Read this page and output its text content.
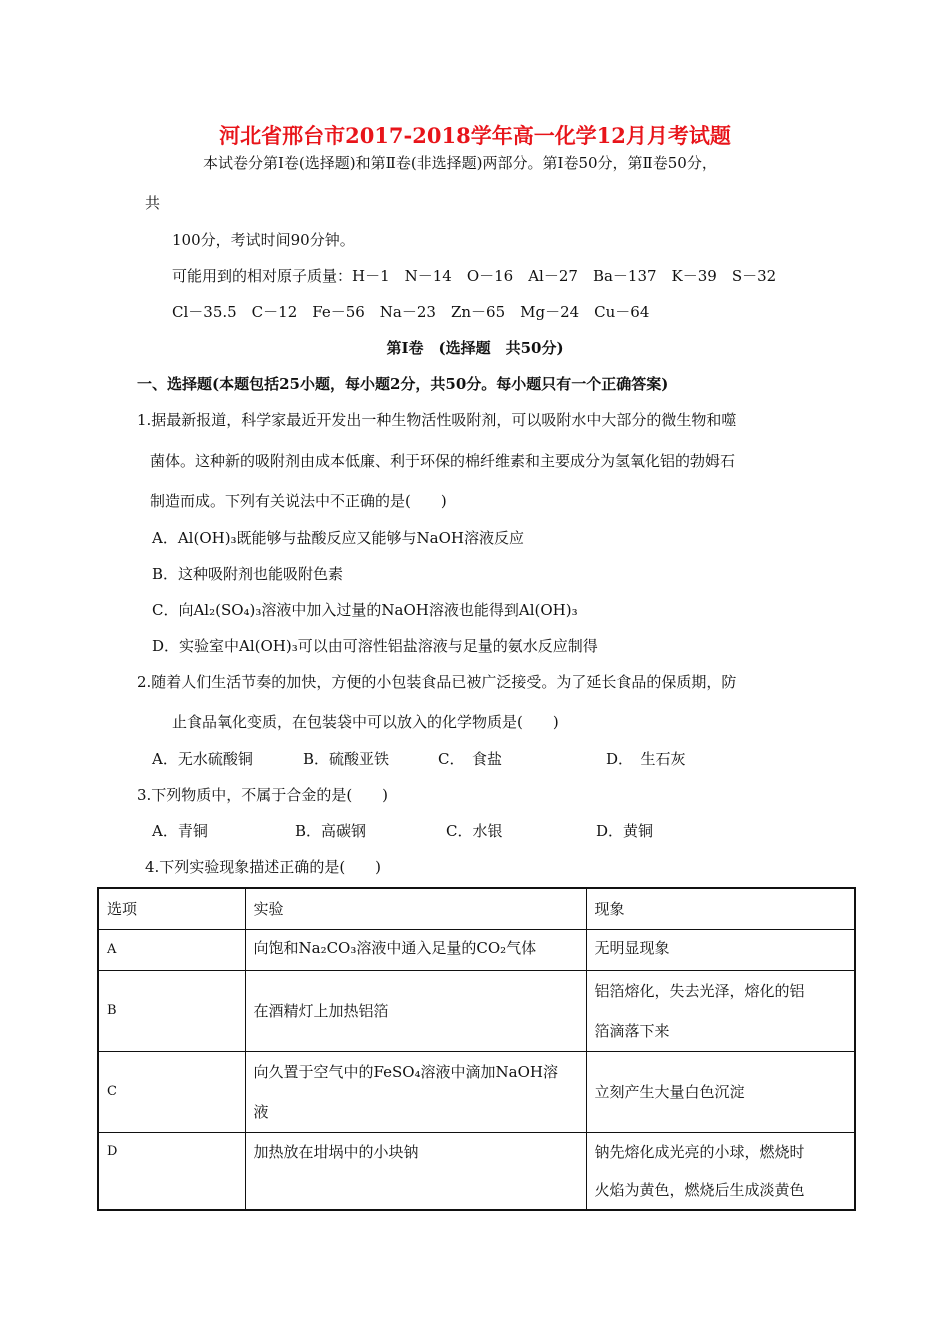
河北省邢台市2017-2018学年高一化学12月月考试题
本试卷分第Ⅰ卷(选择题)和第Ⅱ卷(非选择题)两部分。第Ⅰ卷50分，第Ⅱ卷50分，
共
100分，考试时间90分钟。
可能用到的相对原子质量：H－1　N－14　O－16　Al－27　Ba－137　K－39　S－32
Cl－35.5　C－12　Fe－56　Na－23　Zn－65　Mg－24　Cu－64
第Ⅰ卷　(选择题　共50分)
一、选择题(本题包括25小题，每小题2分，共50分。每小题只有一个正确答案)
1.据最新报道，科学家最近开发出一种生物活性吸附剂，可以吸附水中大部分的微生物和噬
菌体。这种新的吸附剂由成本低廉、利于环保的棉纤维素和主要成分为氢氧化铝的勃姆石
制造而成。下列有关说法中不正确的是(　　)
A．Al(OH)₃既能够与盐酸反应又能够与NaOH溶液反应
B．这种吸附剂也能吸附色素
C．向Al₂(SO₄)₃溶液中加入过量的NaOH溶液也能得到Al(OH)₃
D．实验室中Al(OH)₃可以由可溶性铝盐溶液与足量的氨水反应制得
2.随着人们生活节奏的加快，方便的小包装食品已被广泛接受。为了延长食品的保质期，防
止食品氧化变质，在包装袋中可以放入的化学物质是(　　)
A．无水硫酸铜	B．硫酸亚铁	C．　食盐	D．　生石灰
3.下列物质中，不属于合金的是(　　)
A．青铜	B．高碳钢	C．水银	D．黄铜
4.下列实验现象描述正确的是(　　)
选项	实验	现象
A	向饱和Na₂CO₃溶液中通入足量的CO₂气体	无明显现象
B	在酒精灯上加热铝箔	铝箔熔化，失去光泽，熔化的铝
箔滴落下来

C	向久置于空气中的FeSO₄溶液中滴加NaOH溶
液	立刻产生大量白色沉淀
D	加热放在坩埚中的小块钠	钠先熔化成光亮的小球，燃烧时
火焰为黄色，燃烧后生成淡黄色
